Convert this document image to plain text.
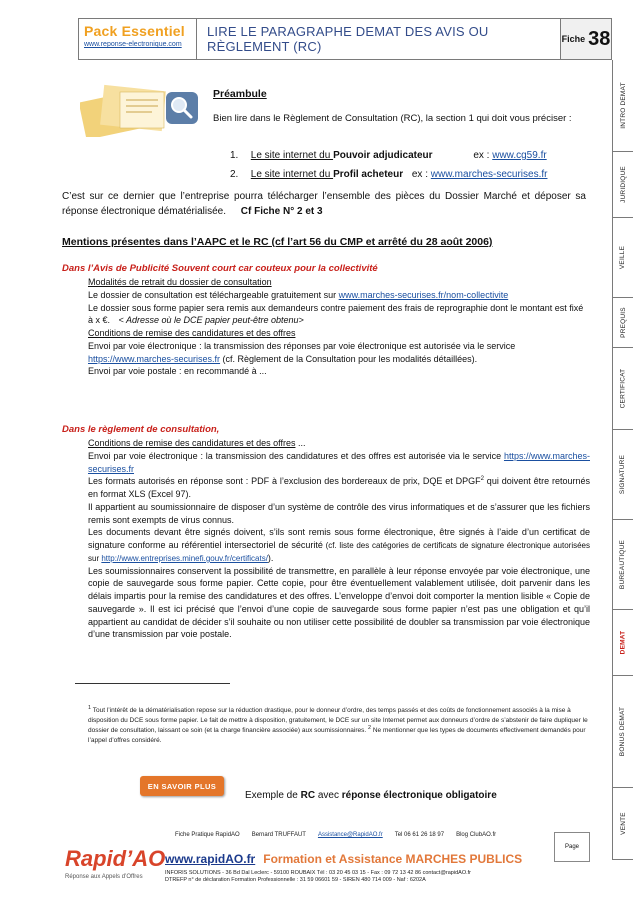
Pack Essentiel
www.reponse-electronique.com
LIRE LE PARAGRAPHE DEMAT DES AVIS OU RÈGLEMENT (RC)	Fiche 38
INTRO DEMAT
JURIDIQUE
VEILLE
PREQUIS
CERTIFICAT
SIGNATURE
BUREAUTIQUE
DEMAT
BONUS DEMAT
VENTE
Préambule
Bien lire dans le Règlement de Consultation (RC), la section 1 qui doit vous préciser :
1. Le site internet du Pouvoir adjudicateur	ex : www.cg59.fr
2. Le site internet du Profil acheteur ex : www.marches-securises.fr
C’est sur ce dernier que l’entreprise pourra télécharger l’ensemble des pièces du Dossier Marché et déposer sa réponse électronique dématérialisée. Cf Fiche N° 2 et 3
Mentions présentes dans l’AAPC et le RC (cf l’art 56 du CMP et arrêté du 28 août 2006)
Dans l’Avis de Publicité Souvent court car couteux pour la collectivité
Modalités de retrait du dossier de consultation
Le dossier de consultation est téléchargeable gratuitement sur www.marches-securises.fr/nom-collectivite
Le dossier sous forme papier sera remis aux demandeurs contre paiement des frais de reprographie dont le montant est fixé à x €. < Adresse où le DCE papier peut-être obtenu>
Conditions de remise des candidatures et des offres
Envoi par voie électronique : la transmission des réponses par voie électronique est autorisée via le service https://www.marches-securises.fr (cf. Règlement de la Consultation pour les modalités détaillées).
Envoi par voie postale : en recommandé à ...
Dans le règlement de consultation,
Conditions de remise des candidatures et des offres ...
Envoi par voie électronique : la transmission des candidatures et des offres est autorisée via le service https://www.marches-securises.fr
Les formats autorisés en réponse sont : PDF à l’exclusion des bordereaux de prix, DQE et DPGF$^2$ qui doivent être retournés en format XLS (Excel 97).
Il appartient au soumissionnaire de disposer d’un système de contrôle des virus informatiques et de s’assurer que les fichiers remis sont exempts de virus connus.
Les documents devant être signés doivent, s’ils sont remis sous forme électronique, être signés à l’aide d’un certificat de signature conforme au référentiel intersectoriel de sécurité (cf. liste des catégories de certificats de signature électronique autorisées sur http://www.entreprises.minefi.gouv.fr/certificats/).
Les soumissionnaires conservent la possibilité de transmettre, en parallèle à leur réponse envoyée par voie électronique, une copie de sauvegarde sous forme papier. Cette copie, pour être éventuellement valablement utilisée, doit parvenir dans les délais impartis pour la remise des candidatures et des offres. L’enveloppe d’envoi doit comporter la mention lisible « Copie de sauvegarde ». Il est ici précisé que l’envoi d’une copie de sauvegarde sous forme papier n’est pas une obligation et qu’il appartient au candidat de décider s’il souhaite ou non utiliser cette possibilité de doubler sa transmission par voie électronique d’une transmission par voie postale.
$^1$ Tout l’intérêt de la dématérialisation repose sur la réduction drastique, pour le donneur d’ordre, des temps passés et des coûts de fonctionnement associés à la mise à disposition du DCE sous forme papier. Le fait de mettre à disposition, gratuitement, le DCE sur un site Internet permet aux donneurs d’ordre de s’abstenir de faire dupliquer le dossier de consultation, laissant ce soin (et la charge financière associée) aux soumissionnaires. $^2$ Ne mentionner que les types de documents effectivement demandés pour l’appel d’offres considéré.
EN SAVOIR PLUS
Exemple de RC avec réponse électronique obligatoire
Fiche Pratique RapidAO Bernard TRUFFAUT Assistance@RapidAO.fr Tel 06 61 26 18 97 Blog ClubAO.fr
Rapid’AO
Réponse aux Appels d’Offres
www.rapidAO.fr Formation et Assistance MARCHES PUBLICS
INFORIS SOLUTIONS - 36 Bd Dal Leclerc - 59100 ROUBAIX Tél : 03 20 45 03 15 - Fax : 09 72 13 42 86 contact@rapidAO.fr
DTREFP n° de déclaration Formation Professionnelle : 31 59 06601 59 - SIREN 480 714 009 - Naf : 6202A
Page
